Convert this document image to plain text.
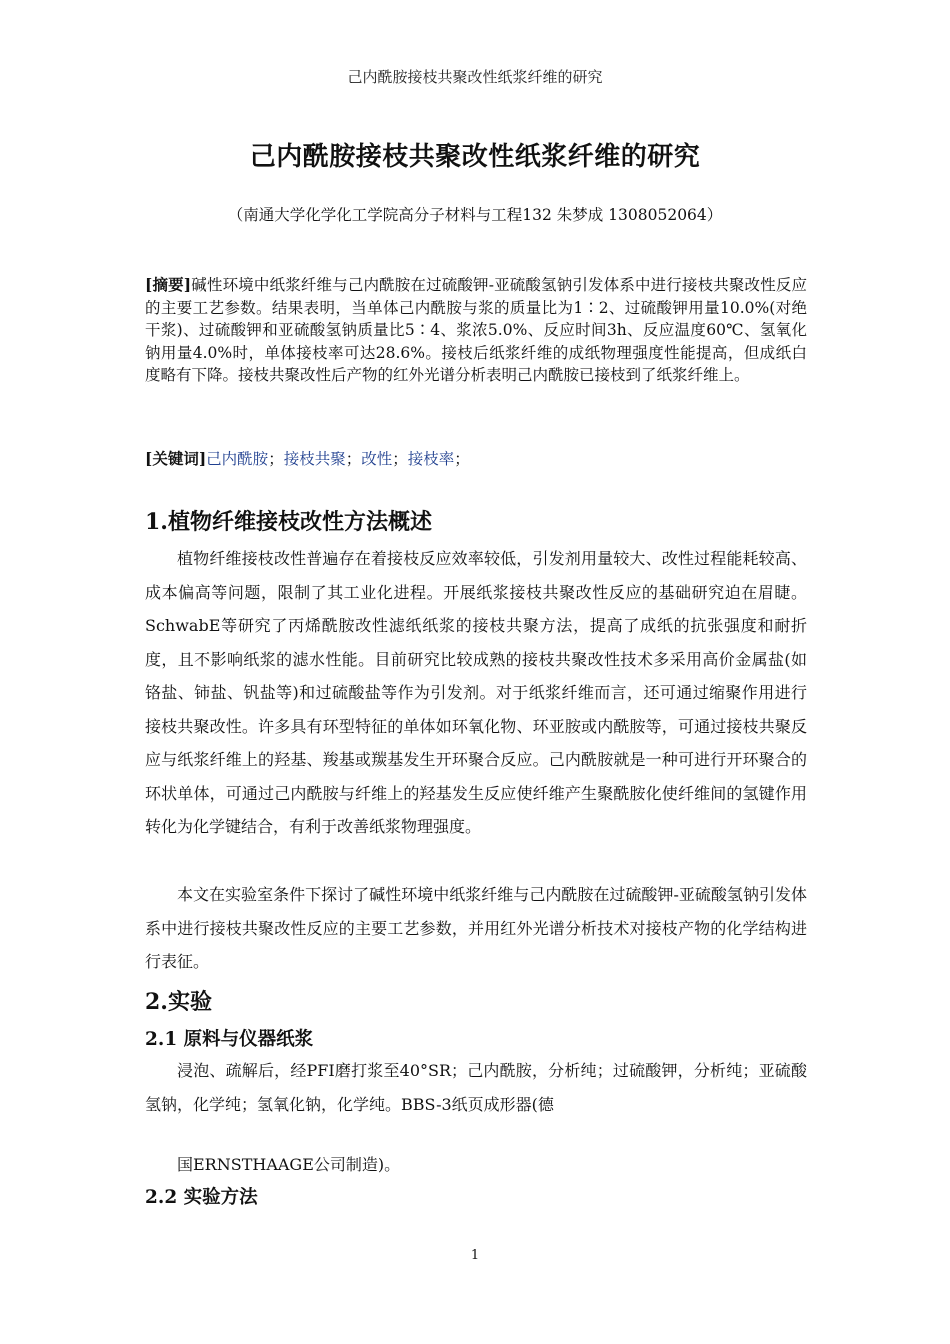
己内酰胺接枝共聚改性纸浆纤维的研究
己内酰胺接枝共聚改性纸浆纤维的研究
（南通大学化学化工学院高分子材料与工程132 朱梦成 1308052064）
[摘要]碱性环境中纸浆纤维与己内酰胺在过硫酸钾-亚硫酸氢钠引发体系中进行接枝共聚改性反应的主要工艺参数。结果表明，当单体己内酰胺与浆的质量比为1∶2、过硫酸钾用量10.0%(对绝干浆)、过硫酸钾和亚硫酸氢钠质量比5∶4、浆浓5.0%、反应时间3h、反应温度60℃、氢氧化钠用量4.0%时，单体接枝率可达28.6%。接枝后纸浆纤维的成纸物理强度性能提高，但成纸白度略有下降。接枝共聚改性后产物的红外光谱分析表明己内酰胺已接枝到了纸浆纤维上。
[关键词]己内酰胺；接枝共聚；改性；接枝率；
1.植物纤维接枝改性方法概述

植物纤维接枝改性普遍存在着接枝反应效率较低，引发剂用量较大、改性过程能耗较高、成本偏高等问题，限制了其工业化进程。开展纸浆接枝共聚改性反应的基础研究迫在眉睫。SchwabE等研究了丙烯酰胺改性滤纸纸浆的接枝共聚方法，提高了成纸的抗张强度和耐折度，且不影响纸浆的滤水性能。目前研究比较成熟的接枝共聚改性技术多采用高价金属盐(如铬盐、铈盐、钒盐等)和过硫酸盐等作为引发剂。对于纸浆纤维而言，还可通过缩聚作用进行接枝共聚改性。许多具有环型特征的单体如环氧化物、环亚胺或内酰胺等，可通过接枝共聚反应与纸浆纤维上的羟基、羧基或羰基发生开环聚合反应。己内酰胺就是一种可进行开环聚合的环状单体，可通过己内酰胺与纤维上的羟基发生反应使纤维产生聚酰胺化使纤维间的氢键作用转化为化学键结合，有利于改善纸浆物理强度。

本文在实验室条件下探讨了碱性环境中纸浆纤维与己内酰胺在过硫酸钾-亚硫酸氢钠引发体系中进行接枝共聚改性反应的主要工艺参数，并用红外光谱分析技术对接枝产物的化学结构进行表征。

2.实验
2.1 原料与仪器纸浆

浸泡、疏解后，经PFI磨打浆至40°SR；己内酰胺，分析纯；过硫酸钾，分析纯；亚硫酸氢钠，化学纯；氢氧化钠，化学纯。BBS-3纸页成形器(德

国ERNSTHAAGE公司制造)。

2.2 实验方法
1
